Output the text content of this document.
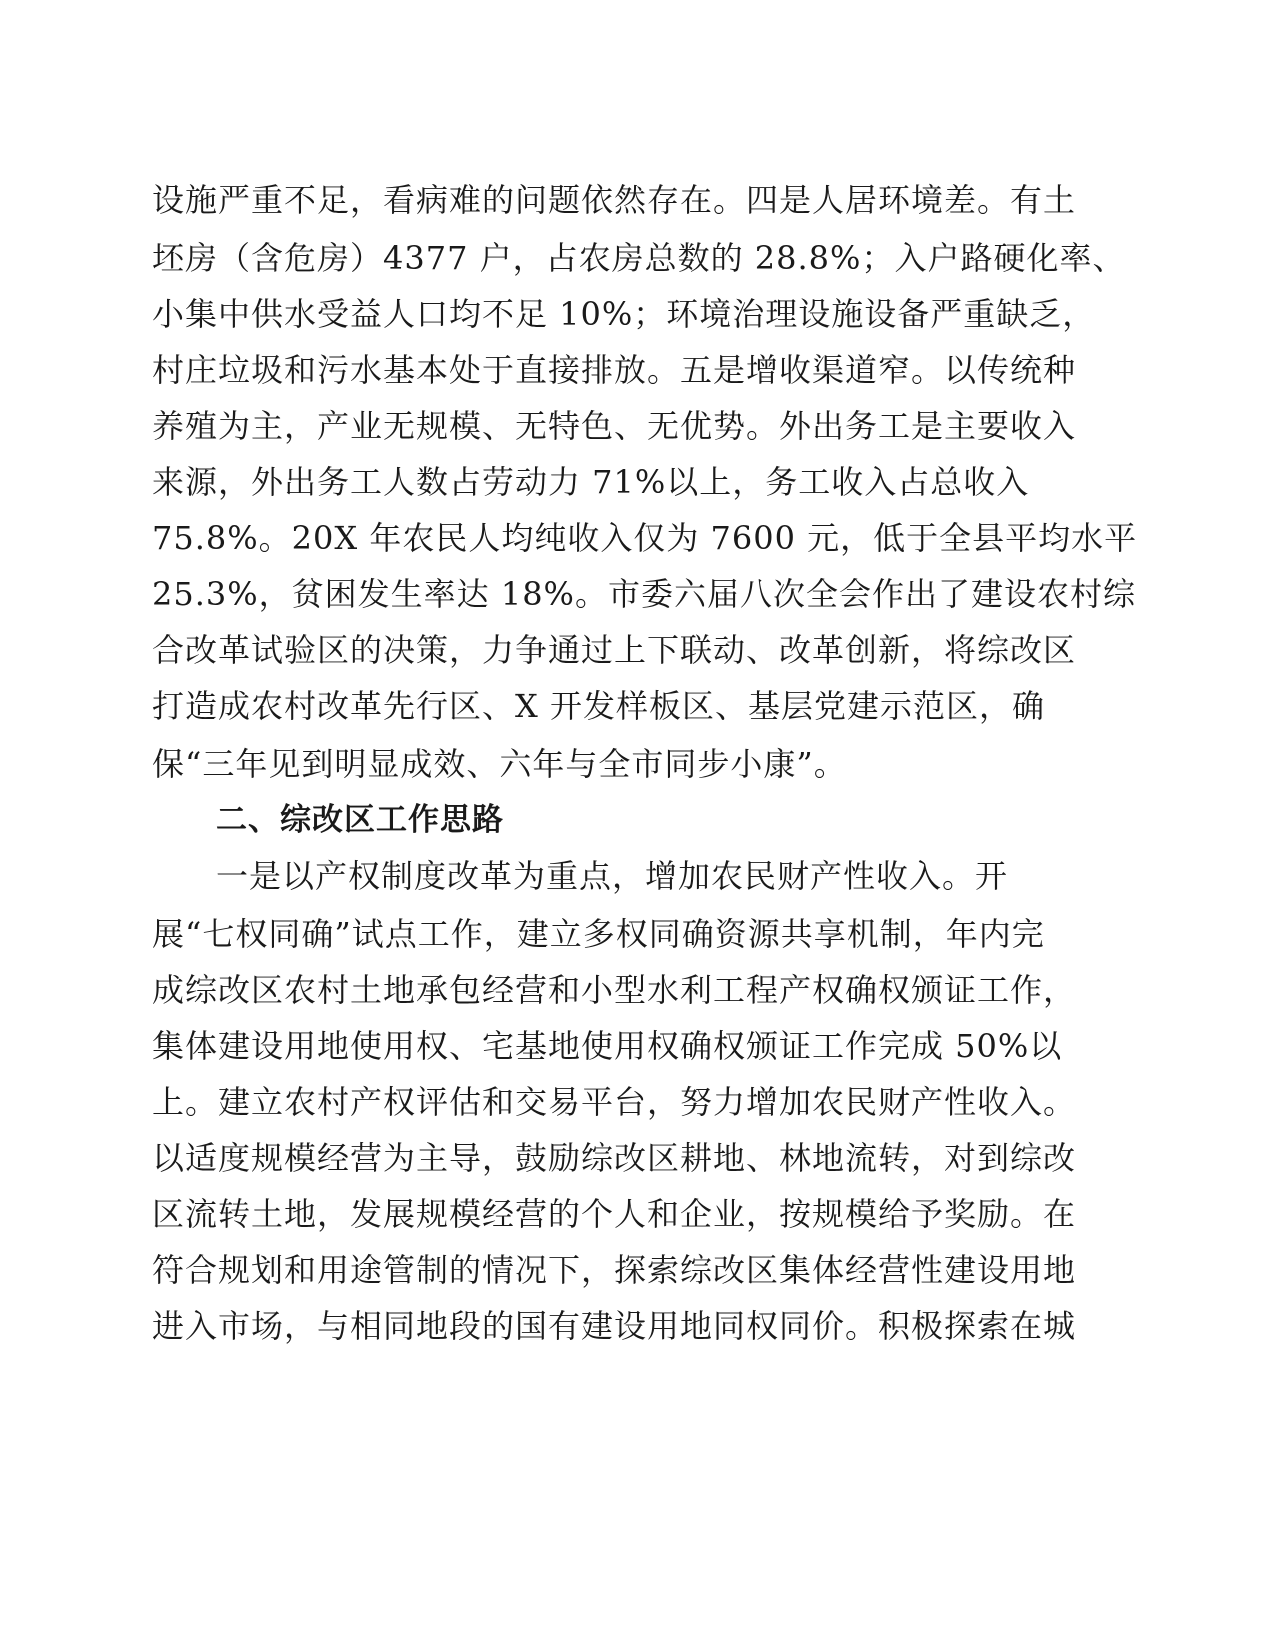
设施严重不足，看病难的问题依然存在。四是人居环境差。有土
坯房（含危房）4377 户，占农房总数的 28.8%；入户路硬化率、
小集中供水受益人口均不足 10%；环境治理设施设备严重缺乏，
村庄垃圾和污水基本处于直接排放。五是增收渠道窄。以传统种
养殖为主，产业无规模、无特色、无优势。外出务工是主要收入
来源，外出务工人数占劳动力 71%以上，务工收入占总收入
75.8%。20X 年农民人均纯收入仅为 7600 元，低于全县平均水平
25.3%，贫困发生率达 18%。市委六届八次全会作出了建设农村综
合改革试验区的决策，力争通过上下联动、改革创新，将综改区
打造成农村改革先行区、X 开发样板区、基层党建示范区，确
保“三年见到明显成效、六年与全市同步小康”。
二、综改区工作思路
一是以产权制度改革为重点，增加农民财产性收入。开
展“七权同确”试点工作，建立多权同确资源共享机制，年内完
成综改区农村土地承包经营和小型水利工程产权确权颁证工作，
集体建设用地使用权、宅基地使用权确权颁证工作完成 50%以
上。建立农村产权评估和交易平台，努力增加农民财产性收入。
以适度规模经营为主导，鼓励综改区耕地、林地流转，对到综改
区流转土地，发展规模经营的个人和企业，按规模给予奖励。在
符合规划和用途管制的情况下，探索综改区集体经营性建设用地
进入市场，与相同地段的国有建设用地同权同价。积极探索在城
